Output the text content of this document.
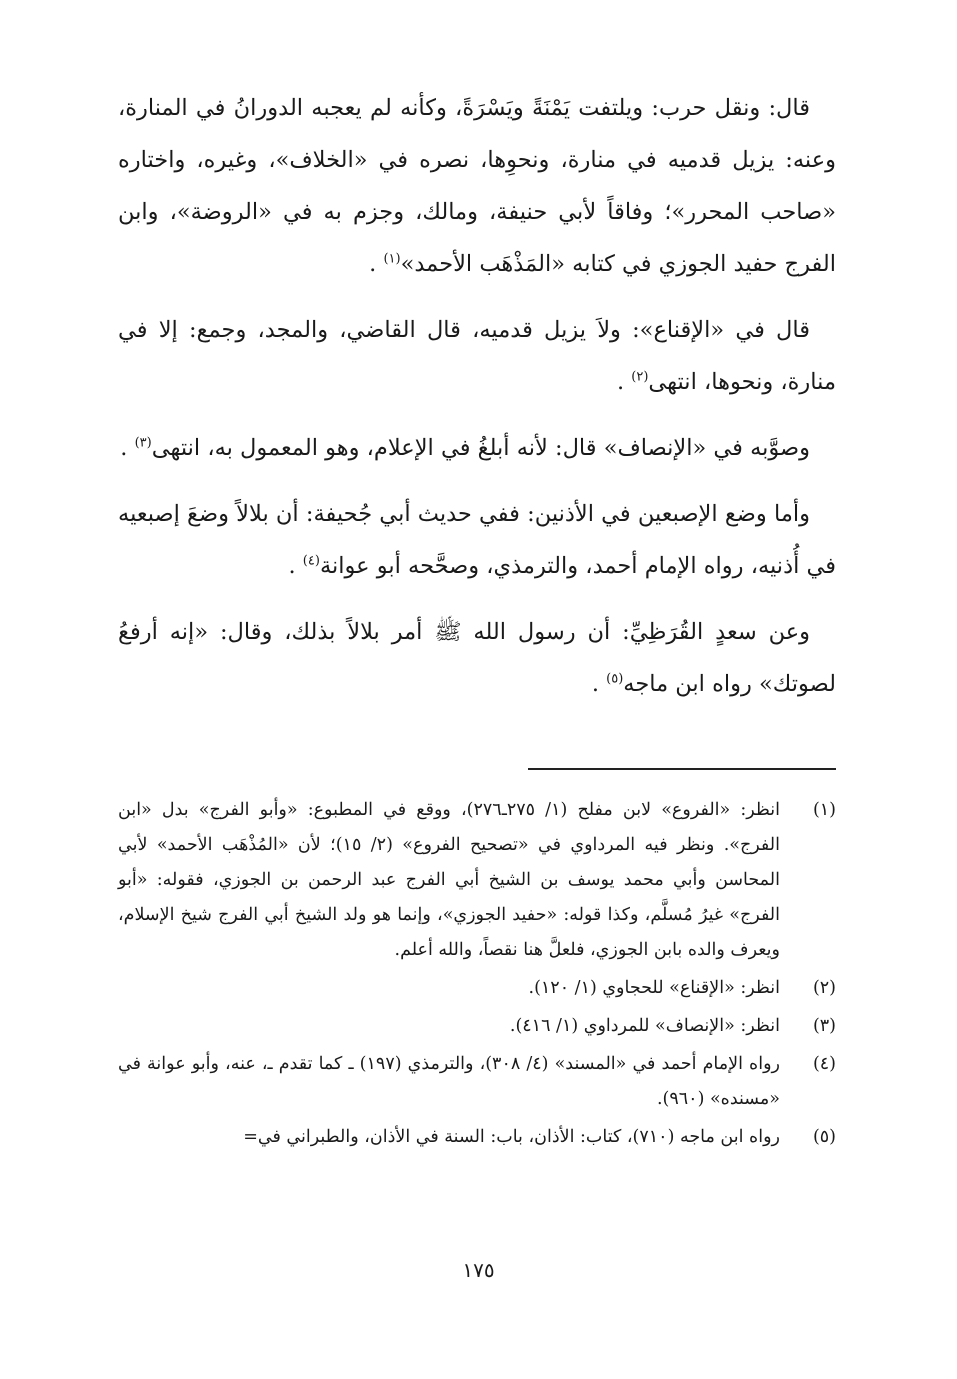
قال: ونقل حرب: ويلتفت يَمْنَةً ويَسْرَةً، وكأنه لم يعجبه الدورانُ في المنارة، وعنه: يزيل قدميه في منارة، ونحوِها، نصره في «الخلاف»، وغيره، واختاره «صاحب المحرر»؛ وفاقاً لأبي حنيفة، ومالك، وجزم به في «الروضة»، وابن الفرج حفيد الجوزي في كتابه «المَذْهَب الأحمد»$^{(١)}$ .

قال في «الإقناع»: ولاَ يزيل قدميه، قال القاضي، والمجد، وجمع: إلا في منارة، ونحوها، انتهى$^{(٢)}$ .

وصوَّبه في «الإنصاف» قال: لأنه أبلغُ في الإعلام، وهو المعمول به، انتهى$^{(٣)}$ .

وأما وضع الإصبعين في الأذنين: ففي حديث أبي جُحيفة: أن بلالاً وضعَ إصبعيه في أُذنيه، رواه الإمام أحمد، والترمذي، وصحَّحه أبو عوانة$^{(٤)}$ .

وعن سعدٍ القُرَظِيِّ: أن رسول الله ﷺ أمر بلالاً بذلك، وقال: «إنه أرفعُ لصوتك» رواه ابن ماجه$^{(٥)}$ .

(١)
انظر: «الفروع» لابن مفلح (١/ ٢٧٥ـ٢٧٦)، ووقع في المطبوع: «وأبو الفرج» بدل «ابن الفرج». ونظر فيه المرداوي في «تصحيح الفروع» (٢/ ١٥)؛ لأن «المُذْهَب الأحمد» لأبي المحاسن وأبي محمد يوسف بن الشيخ أبي الفرج عبد الرحمن بن الجوزي، فقوله: «أبو الفرج» غيرُ مُسلَّم، وكذا قوله: «حفيد الجوزي»، وإنما هو ولد الشيخ أبي الفرج شيخ الإسلام، ويعرف والده بابن الجوزي، فلعلَّ هنا نقصاً، والله أعلم.
(٢)
انظر: «الإقناع» للحجاوي (١/ ١٢٠).
(٣)
انظر: «الإنصاف» للمرداوي (١/ ٤١٦).
(٤)
رواه الإمام أحمد في «المسند» (٤/ ٣٠٨)، والترمذي (١٩٧) ـ كما تقدم ـ، عنه، وأبو عوانة في «مسنده» (٩٦٠).
(٥)
رواه ابن ماجه (٧١٠)، كتاب: الأذان، باب: السنة في الأذان، والطبراني في=
١٧٥
